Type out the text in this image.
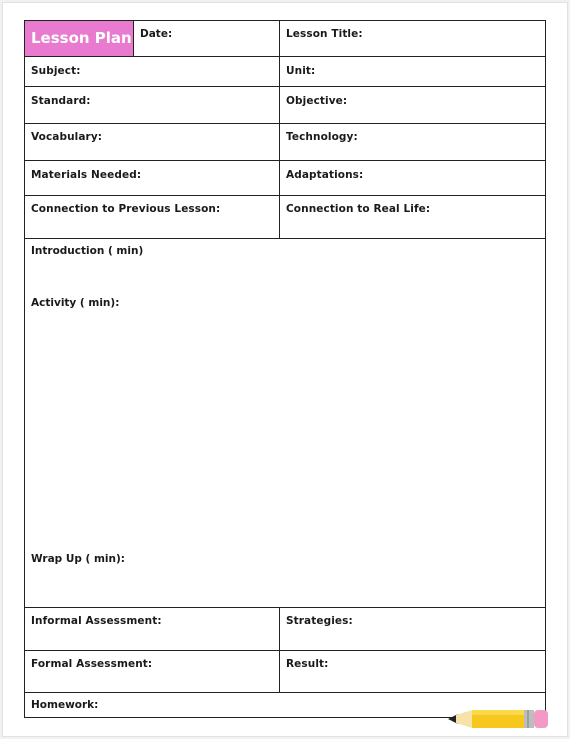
Lesson Plan Date:	Lesson Title:
Subject:	Unit:
Standard:	Objective:
Vocabulary:	Technology:
Materials Needed:	Adaptations:
Connection to Previous Lesson:	Connection to Real Life:
Introduction ( min)
Activity ( min):
Wrap Up ( min):
Informal Assessment:	Strategies:
Formal Assessment:	Result:
Homework:
